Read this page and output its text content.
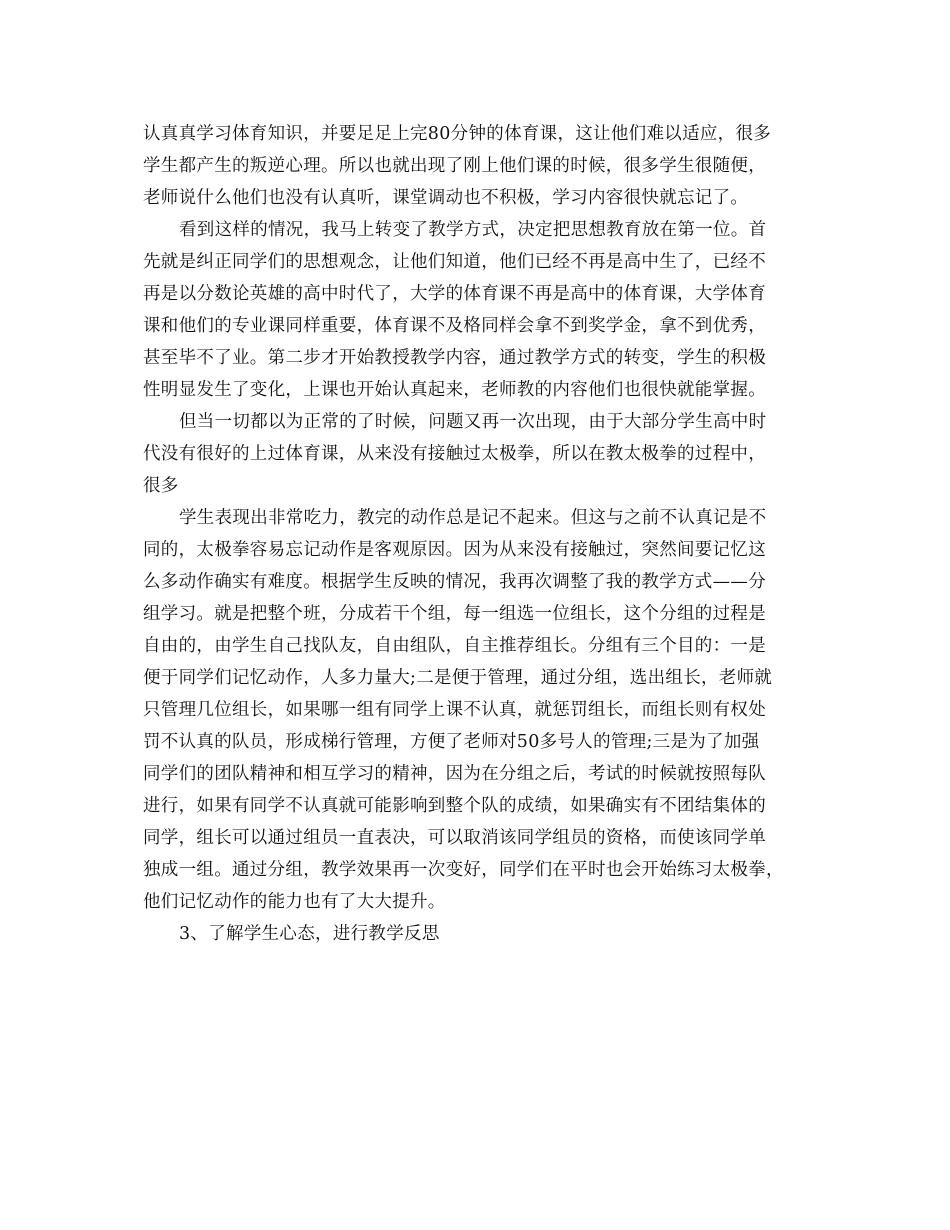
认真真学习体育知识，并要足足上完80分钟的体育课，这让他们难以适应，很多
学生都产生的叛逆心理。所以也就出现了刚上他们课的时候，很多学生很随便，
老师说什么他们也没有认真听，课堂调动也不积极，学习内容很快就忘记了。
看到这样的情况，我马上转变了教学方式，决定把思想教育放在第一位。首
先就是纠正同学们的思想观念，让他们知道，他们已经不再是高中生了，已经不
再是以分数论英雄的高中时代了，大学的体育课不再是高中的体育课，大学体育
课和他们的专业课同样重要，体育课不及格同样会拿不到奖学金，拿不到优秀，
甚至毕不了业。第二步才开始教授教学内容，通过教学方式的转变，学生的积极
性明显发生了变化，上课也开始认真起来，老师教的内容他们也很快就能掌握。
但当一切都以为正常的了时候，问题又再一次出现，由于大部分学生高中时
代没有很好的上过体育课，从来没有接触过太极拳，所以在教太极拳的过程中，
很多
学生表现出非常吃力，教完的动作总是记不起来。但这与之前不认真记是不
同的，太极拳容易忘记动作是客观原因。因为从来没有接触过，突然间要记忆这
么多动作确实有难度。根据学生反映的情况，我再次调整了我的教学方式——分
组学习。就是把整个班，分成若干个组，每一组选一位组长，这个分组的过程是
自由的，由学生自己找队友，自由组队，自主推荐组长。分组有三个目的：一是
便于同学们记忆动作，人多力量大;二是便于管理，通过分组，选出组长，老师就
只管理几位组长，如果哪一组有同学上课不认真，就惩罚组长，而组长则有权处
罚不认真的队员，形成梯行管理，方便了老师对50多号人的管理;三是为了加强
同学们的团队精神和相互学习的精神，因为在分组之后，考试的时候就按照每队
进行，如果有同学不认真就可能影响到整个队的成绩，如果确实有不团结集体的
同学，组长可以通过组员一直表决，可以取消该同学组员的资格，而使该同学单
独成一组。通过分组，教学效果再一次变好，同学们在平时也会开始练习太极拳，
他们记忆动作的能力也有了大大提升。
3、了解学生心态，进行教学反思
